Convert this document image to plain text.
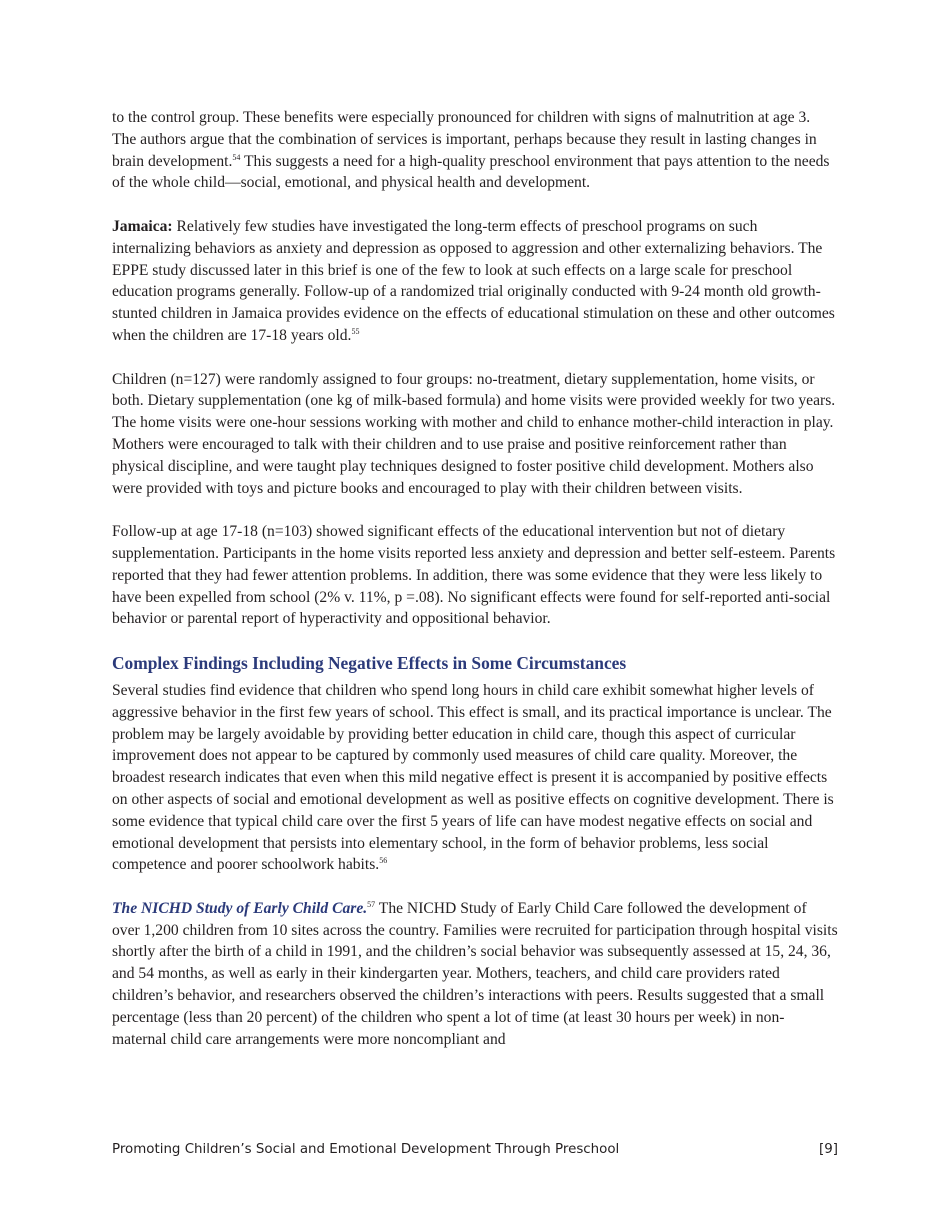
to the control group. These benefits were especially pronounced for children with signs of malnutrition at age 3. The authors argue that the combination of services is important, perhaps because they result in lasting changes in brain development.$^{54}$ This suggests a need for a high-quality preschool environment that pays attention to the needs of the whole child—social, emotional, and physical health and development.

Jamaica: Relatively few studies have investigated the long-term effects of preschool programs on such internalizing behaviors as anxiety and depression as opposed to aggression and other externalizing behaviors. The EPPE study discussed later in this brief is one of the few to look at such effects on a large scale for preschool education programs generally. Follow-up of a randomized trial originally conducted with 9-24 month old growth-stunted children in Jamaica provides evidence on the effects of educational stimulation on these and other outcomes when the children are 17-18 years old.$^{55}$

Children (n=127) were randomly assigned to four groups: no-treatment, dietary supplementation, home visits, or both. Dietary supplementation (one kg of milk-based formula) and home visits were provided weekly for two years. The home visits were one-hour sessions working with mother and child to enhance mother-child interaction in play. Mothers were encouraged to talk with their children and to use praise and positive reinforcement rather than physical discipline, and were taught play techniques designed to foster positive child development. Mothers also were provided with toys and picture books and encouraged to play with their children between visits.

Follow-up at age 17-18 (n=103) showed significant effects of the educational intervention but not of dietary supplementation. Participants in the home visits reported less anxiety and depression and better self-esteem. Parents reported that they had fewer attention problems. In addition, there was some evidence that they were less likely to have been expelled from school (2% v. 11%, p =.08). No significant effects were found for self-reported anti-social behavior or parental report of hyperactivity and oppositional behavior.

Complex Findings Including Negative Effects in Some Circumstances

Several studies find evidence that children who spend long hours in child care exhibit somewhat higher levels of aggressive behavior in the first few years of school. This effect is small, and its practical importance is unclear. The problem may be largely avoidable by providing better education in child care, though this aspect of curricular improvement does not appear to be captured by commonly used measures of child care quality. Moreover, the broadest research indicates that even when this mild negative effect is present it is accompanied by positive effects on other aspects of social and emotional development as well as positive effects on cognitive development. There is some evidence that typical child care over the first 5 years of life can have modest negative effects on social and emotional development that persists into elementary school, in the form of behavior problems, less social competence and poorer schoolwork habits.$^{56}$

The NICHD Study of Early Child Care.$^{57}$ The NICHD Study of Early Child Care followed the development of over 1,200 children from 10 sites across the country. Families were recruited for participation through hospital visits shortly after the birth of a child in 1991, and the children’s social behavior was subsequently assessed at 15, 24, 36, and 54 months, as well as early in their kindergarten year. Mothers, teachers, and child care providers rated children’s behavior, and researchers observed the children’s interactions with peers. Results suggested that a small percentage (less than 20 percent) of the children who spent a lot of time (at least 30 hours per week) in non-maternal child care arrangements were more noncompliant and

Promoting Children’s Social and Emotional Development Through Preschool	[9]
